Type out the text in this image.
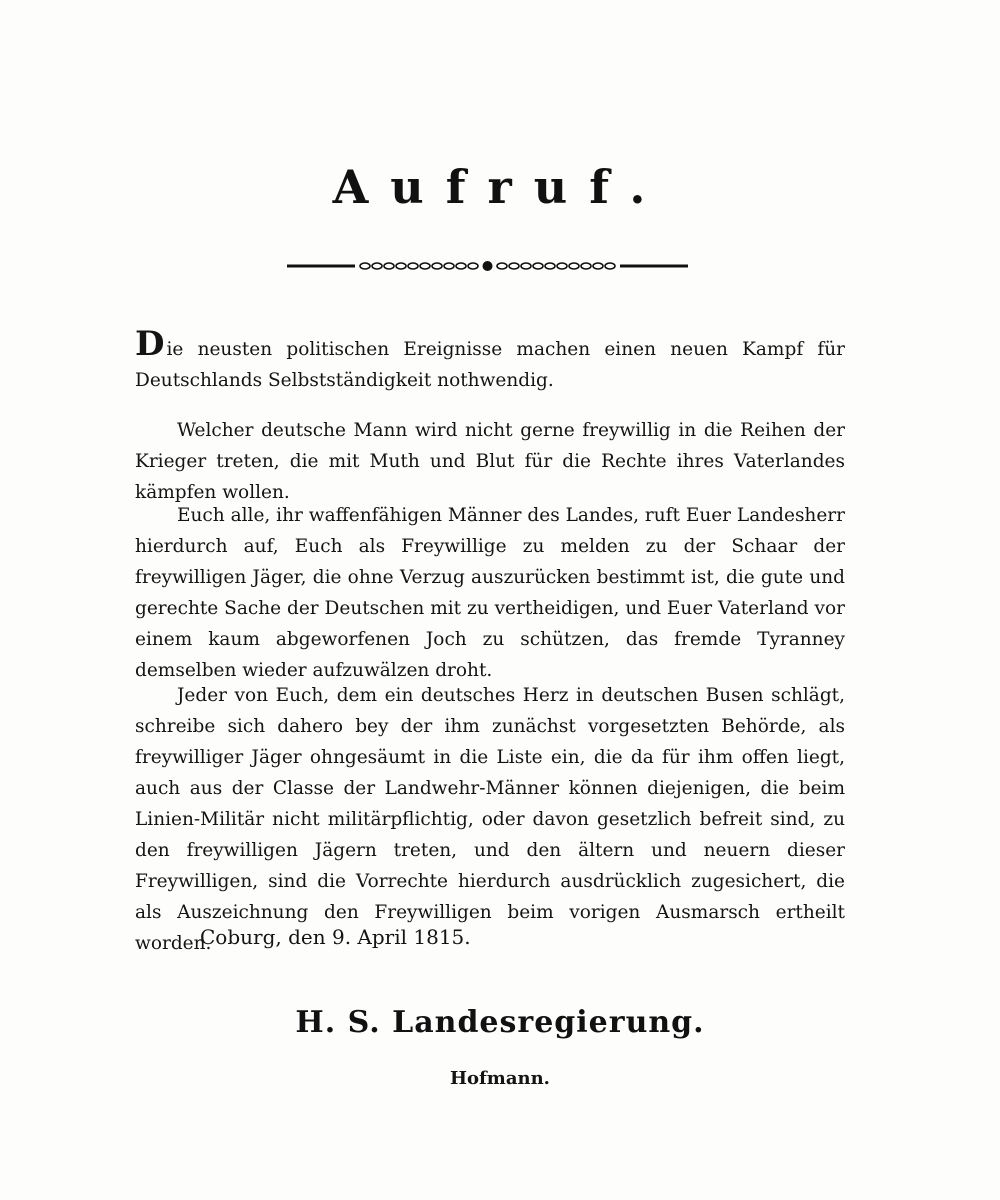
Aufruf.
Die neusten politischen Ereignisse machen einen neuen Kampf für Deutschlands Selbstständigkeit nothwendig.
Welcher deutsche Mann wird nicht gerne freywillig in die Reihen der Krieger treten, die mit Muth und Blut für die Rechte ihres Vaterlandes kämpfen wollen.
Euch alle, ihr waffenfähigen Männer des Landes, ruft Euer Landesherr hierdurch auf, Euch als Freywillige zu melden zu der Schaar der freywilligen Jäger, die ohne Verzug auszurücken bestimmt ist, die gute und gerechte Sache der Deutschen mit zu vertheidigen, und Euer Vaterland vor einem kaum abgeworfenen Joch zu schützen, das fremde Tyranney demselben wieder aufzuwälzen droht.
Jeder von Euch, dem ein deutsches Herz in deutschen Busen schlägt, schreibe sich dahero bey der ihm zunächst vorgesetzten Behörde, als freywilliger Jäger ohngesäumt in die Liste ein, die da für ihm offen liegt, auch aus der Classe der Landwehr-Männer können diejenigen, die beim Linien-Militär nicht militärpflichtig, oder davon gesetzlich befreit sind, zu den freywilligen Jägern treten, und den ältern und neuern dieser Freywilligen, sind die Vorrechte hierdurch ausdrücklich zugesichert, die als Auszeichnung den Freywilligen beim vorigen Ausmarsch ertheilt worden.
Coburg, den 9. April 1815.
H. S. Landesregierung.
Hofmann.
